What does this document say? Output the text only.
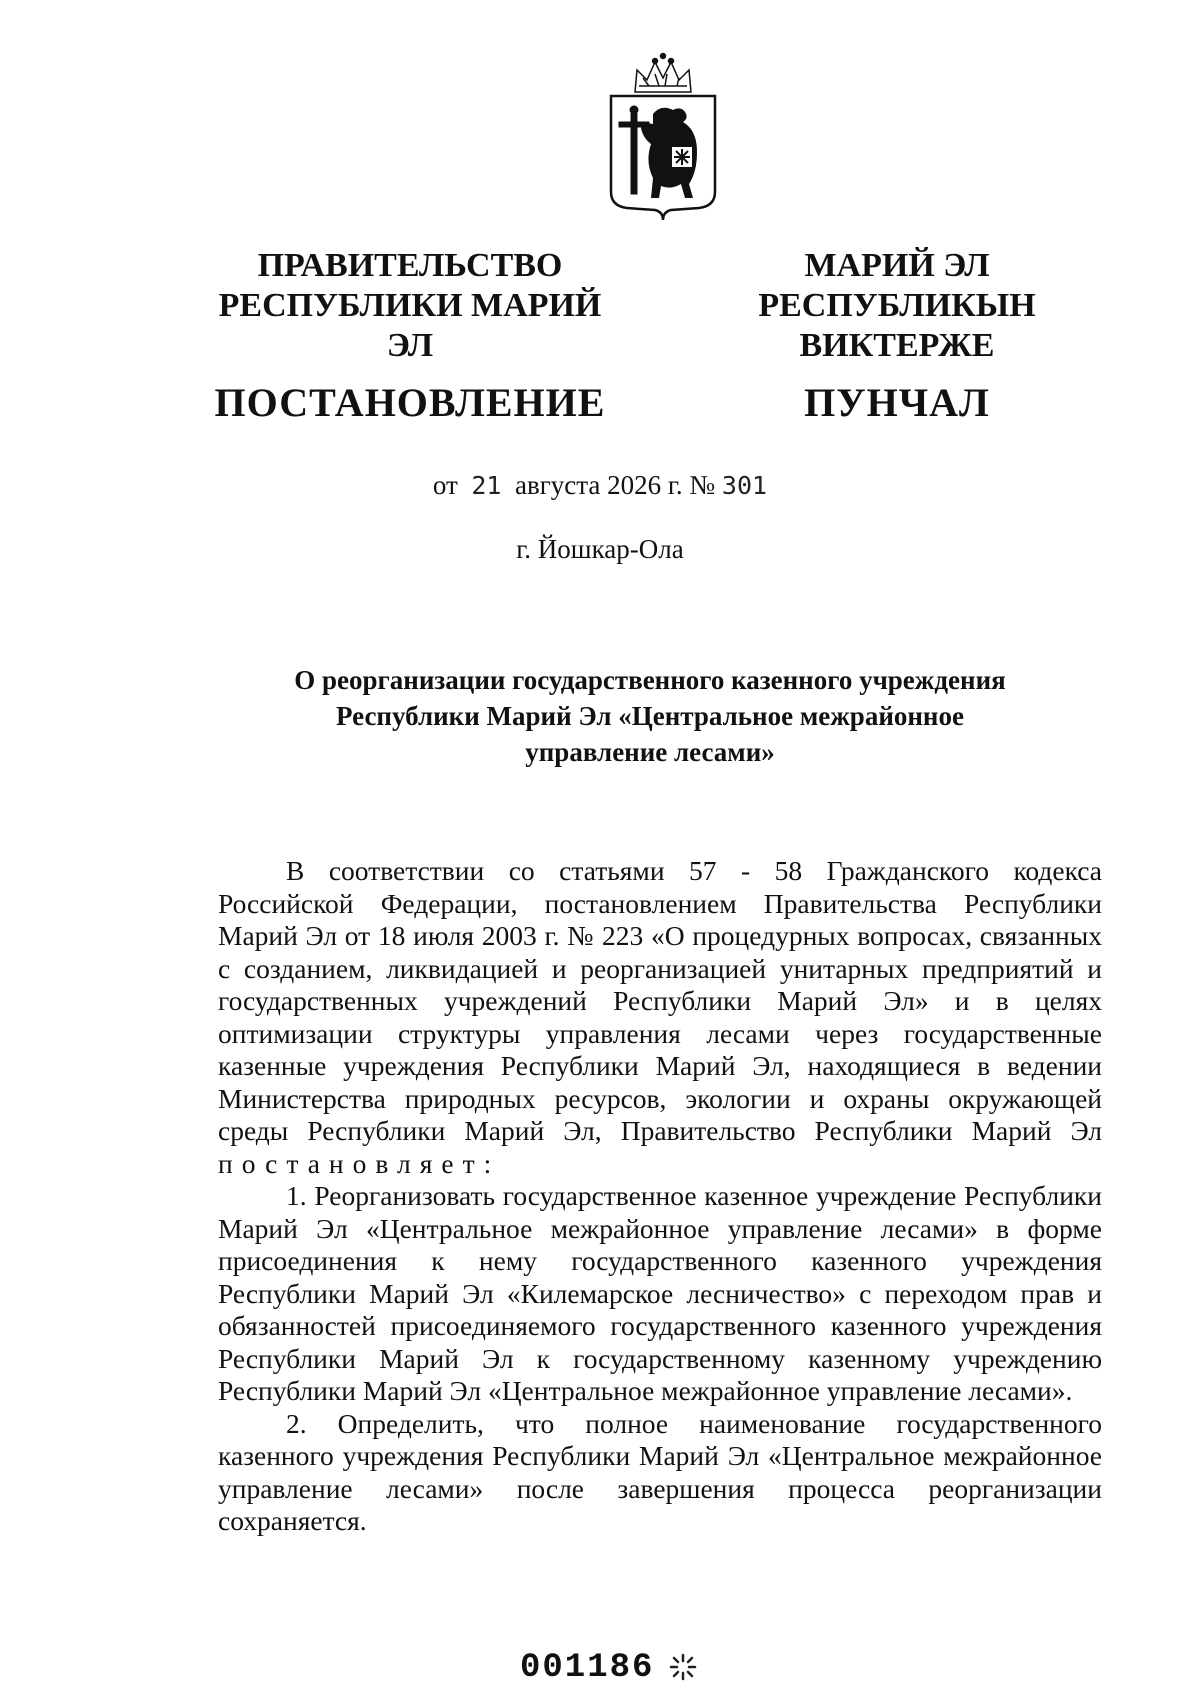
ПРАВИТЕЛЬСТВО
РЕСПУБЛИКИ МАРИЙ ЭЛ
ПОСТАНОВЛЕНИЕ
МАРИЙ ЭЛ РЕСПУБЛИКЫН
ВИКТЕРЖЕ
ПУНЧАЛ
от 21 августа 2026 г. № 301
г. Йошкар-Ола
О реорганизации государственного казенного учреждения
Республики Марий Эл «Центральное межрайонное
управление лесами»

В соответствии со статьями 57 - 58 Гражданского кодекса Российской Федерации, постановлением Правительства Республики Марий Эл от 18 июля 2003 г. № 223 «О процедурных вопросах, связанных с созданием, ликвидацией и реорганизацией унитарных предприятий и государственных учреждений Республики Марий Эл» и в целях оптимизации структуры управления лесами через государственные казенные учреждения Республики Марий Эл, находящиеся в ведении Министерства природных ресурсов, экологии и охраны окружающей среды Республики Марий Эл, Правительство Республики Марий Эл постановляет:

1. Реорганизовать государственное казенное учреждение Республики Марий Эл «Центральное межрайонное управление лесами» в форме присоединения к нему государственного казенного учреждения Республики Марий Эл «Килемарское лесничество» с переходом прав и обязанностей присоединяемого государственного казенного учреждения Республики Марий Эл к государственному казенному учреждению Республики Марий Эл «Центральное межрайонное управление лесами».

2. Определить, что полное наименование государственного казенного учреждения Республики Марий Эл «Центральное межрайонное управление лесами» после завершения процесса реорганизации сохраняется.

001186
